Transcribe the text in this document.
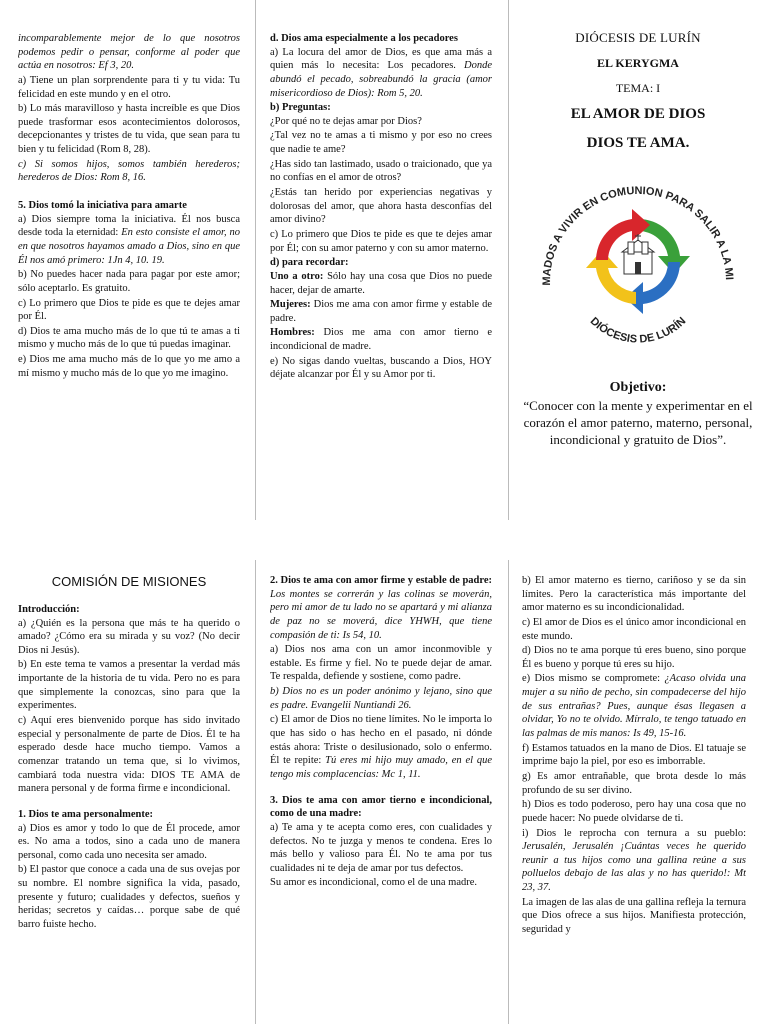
incomparablemente mejor de lo que nosotros podemos pedir o pensar, conforme al poder que actúa en nosotros: Ef 3, 20.

a) Tiene un plan sorprendente para ti y tu vida: Tu felicidad en este mundo y en el otro.

b) Lo más maravilloso y hasta increíble es que Dios puede trasformar esos acontecimientos dolorosos, decepcionantes y tristes de tu vida, que sean para tu bien y tu felicidad (Rom 8, 28).

c) Si somos hijos, somos también herederos; herederos de Dios: Rom 8, 16.

5. Dios tomó la iniciativa para amarte

a) Dios siempre toma la iniciativa. Él nos busca desde toda la eternidad: En esto consiste el amor, no en que nosotros hayamos amado a Dios, sino en que Él nos amó primero: 1Jn 4, 10. 19.

b) No puedes hacer nada para pagar por este amor; sólo aceptarlo. Es gratuito.

c) Lo primero que Dios te pide es que te dejes amar por Él.

d) Dios te ama mucho más de lo que tú te amas a ti mismo y mucho más de lo que tú puedas imaginar.

e) Dios me ama mucho más de lo que yo me amo a mí mismo y mucho más de lo que yo me imagino.

d. Dios ama especialmente a los pecadores

a) La locura del amor de Dios, es que ama más a quien más lo necesita: Los pecadores. Donde abundó el pecado, sobreabundó la gracia (amor misericordioso de Dios): Rom 5, 20.

b) Preguntas:

¿Por qué no te dejas amar por Dios?

¿Tal vez no te amas a ti mismo y por eso no crees que nadie te ame?

¿Has sido tan lastimado, usado o traicionado, que ya no confías en el amor de otros?

¿Estás tan herido por experiencias negativas y dolorosas del amor, que ahora hasta desconfías del amor divino?

c) Lo primero que Dios te pide es que te dejes amar por Él; con su amor paterno y con su amor materno.

d) para recordar:

Uno a otro: Sólo hay una cosa que Dios no puede hacer, dejar de amarte.

Mujeres: Dios me ama con amor firme y estable de padre.

Hombres: Dios me ama con amor tierno e incondicional de madre.

e) No sigas dando vueltas, buscando a Dios, HOY déjate alcanzar por Él y su Amor por ti.

DIÓCESIS DE LURÍN
EL KERYGMA
TEMA: I
EL AMOR DE DIOS
DIOS TE AMA.
MADOS A VIVIR EN COMUNION PARA SALIR A LA MI
DIÓCESIS DE LURÍN
Objetivo:
“Conocer con la mente y experimentar en el corazón el amor paterno, materno, personal, incondicional y gratuito de Dios”.
COMISIÓN DE MISIONES

Introducción:

a) ¿Quién es la persona que más te ha querido o amado? ¿Cómo era su mirada y su voz? (No decir Dios ni Jesús).

b) En este tema te vamos a presentar la verdad más importante de la historia de tu vida. Pero no es para que simplemente la conozcas, sino para que la experimentes.

c) Aquí eres bienvenido porque has sido invitado especial y personalmente de parte de Dios. Él te ha esperado desde hace mucho tiempo. Vamos a comenzar tratando un tema que, si lo vivimos, cambiará toda nuestra vida: DIOS TE AMA de manera personal y de forma firme e incondicional.

1. Dios te ama personalmente:

a) Dios es amor y todo lo que de Él procede, amor es. No ama a todos, sino a cada uno de manera personal, como cada uno necesita ser amado.

b) El pastor que conoce a cada una de sus ovejas por su nombre. El nombre significa la vida, pasado, presente y futuro; cualidades y defectos, sueños y heridas; secretos y caídas… porque sabe de qué barro fuiste hecho.

2. Dios te ama con amor firme y estable de padre: Los montes se correrán y las colinas se moverán, pero mi amor de tu lado no se apartará y mi alianza de paz no se moverá, dice YHWH, que tiene compasión de ti: Is 54, 10.

a) Dios nos ama con un amor inconmovible y estable. Es firme y fiel. No te puede dejar de amar. Te respalda, defiende y sostiene, como padre.

b) Dios no es un poder anónimo y lejano, sino que es padre. Evangelii Nuntiandi 26.

c) El amor de Dios no tiene límites. No le importa lo que has sido o has hecho en el pasado, ni dónde estás ahora: Triste o desilusionado, solo o enfermo. Él te repite: Tú eres mi hijo muy amado, en el que tengo mis complacencias: Mc 1, 11.

3. Dios te ama con amor tierno e incondicional, como de una madre:

a) Te ama y te acepta como eres, con cualidades y defectos. No te juzga y menos te condena. Eres lo más bello y valioso para Él. No te ama por tus cualidades ni te deja de amar por tus defectos.

Su amor es incondicional, como el de una madre.

b) El amor materno es tierno, cariñoso y se da sin límites. Pero la característica más importante del amor materno es su incondicionalidad.

c) El amor de Dios es el único amor incondicional en este mundo.

d) Dios no te ama porque tú eres bueno, sino porque Él es bueno y porque tú eres su hijo.

e) Dios mismo se compromete: ¿Acaso olvida una mujer a su niño de pecho, sin compadecerse del hijo de sus entrañas? Pues, aunque ésas llegasen a olvidar, Yo no te olvido. Mírralo, te tengo tatuado en las palmas de mis manos: Is 49, 15-16.

f) Estamos tatuados en la mano de Dios. El tatuaje se imprime bajo la piel, por eso es imborrable.

g) Es amor entrañable, que brota desde lo más profundo de su ser divino.

h) Dios es todo poderoso, pero hay una cosa que no puede hacer: No puede olvidarse de ti.

i) Dios le reprocha con ternura a su pueblo: Jerusalén, Jerusalén ¡Cuántas veces he querido reunir a tus hijos como una gallina reúne a sus polluelos debajo de las alas y no has querido!: Mt 23, 37.

La imagen de las alas de una gallina refleja la ternura que Dios ofrece a sus hijos. Manifiesta protección, seguridad y
